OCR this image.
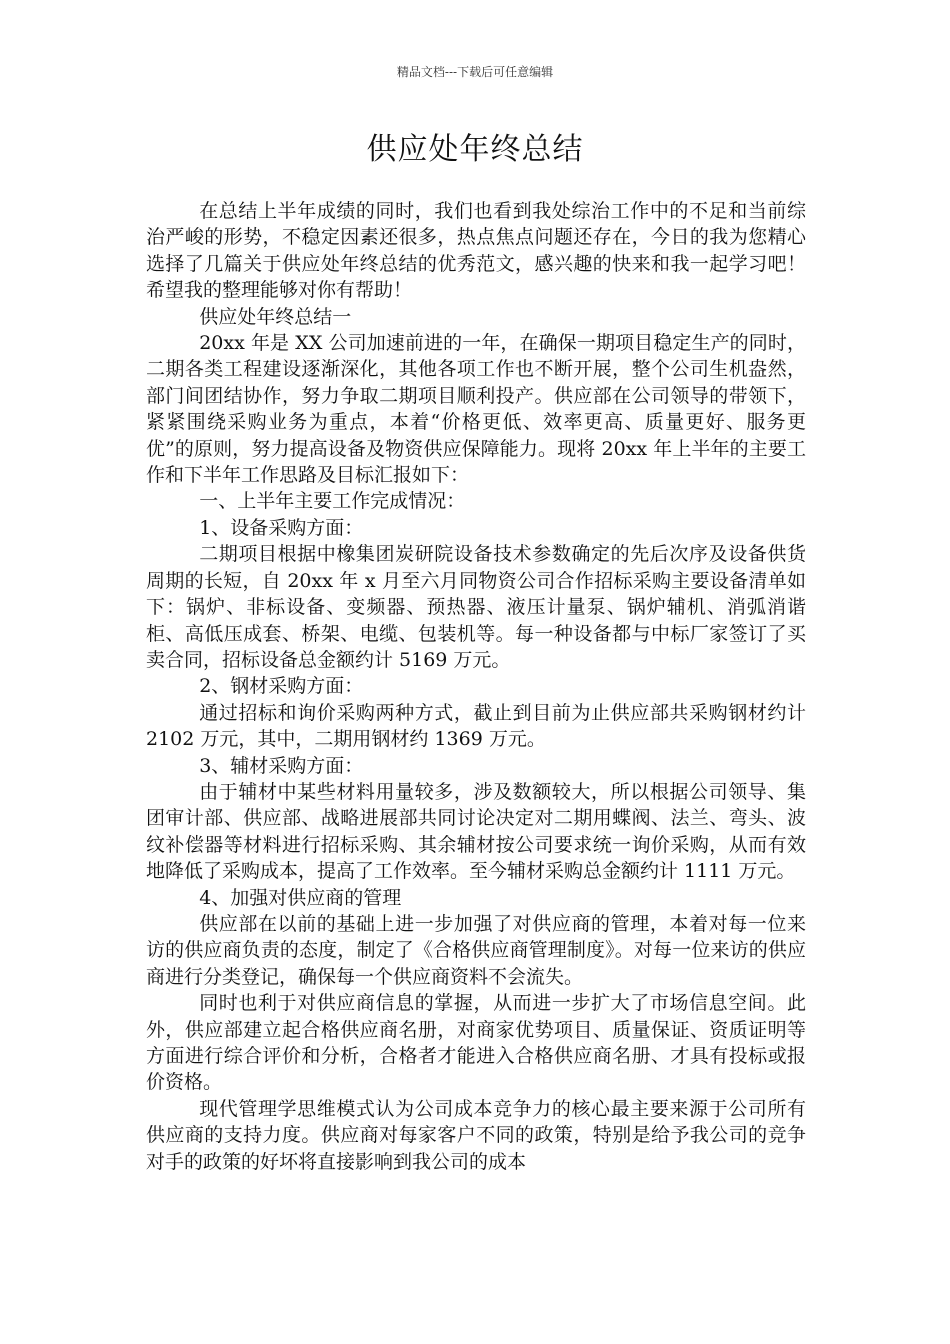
精品文档---下载后可任意编辑
供应处年终总结

在总结上半年成绩的同时，我们也看到我处综治工作中的不足和当前综治严峻的形势，不稳定因素还很多，热点焦点问题还存在，今日的我为您精心选择了几篇关于供应处年终总结的优秀范文，感兴趣的快来和我一起学习吧！希望我的整理能够对你有帮助！

供应处年终总结一

20xx 年是 XX 公司加速前进的一年，在确保一期项目稳定生产的同时，二期各类工程建设逐渐深化，其他各项工作也不断开展，整个公司生机盎然，部门间团结协作，努力争取二期项目顺利投产。供应部在公司领导的带领下，紧紧围绕采购业务为重点，本着“价格更低、效率更高、质量更好、服务更优”的原则，努力提高设备及物资供应保障能力。现将 20xx 年上半年的主要工作和下半年工作思路及目标汇报如下：

一、上半年主要工作完成情况：

1、设备采购方面：

二期项目根据中橡集团炭研院设备技术参数确定的先后次序及设备供货周期的长短，自 20xx 年 x 月至六月同物资公司合作招标采购主要设备清单如下：锅炉、非标设备、变频器、预热器、液压计量泵、锅炉辅机、消弧消谐柜、高低压成套、桥架、电缆、包装机等。每一种设备都与中标厂家签订了买卖合同，招标设备总金额约计 5169 万元。

2、钢材采购方面：

通过招标和询价采购两种方式，截止到目前为止供应部共采购钢材约计 2102 万元，其中，二期用钢材约 1369 万元。

3、辅材采购方面：

由于辅材中某些材料用量较多，涉及数额较大，所以根据公司领导、集团审计部、供应部、战略进展部共同讨论决定对二期用蝶阀、法兰、弯头、波纹补偿器等材料进行招标采购、其余辅材按公司要求统一询价采购，从而有效地降低了采购成本，提高了工作效率。至今辅材采购总金额约计 1111 万元。

4、加强对供应商的管理

供应部在以前的基础上进一步加强了对供应商的管理，本着对每一位来访的供应商负责的态度，制定了《合格供应商管理制度》。对每一位来访的供应商进行分类登记，确保每一个供应商资料不会流失。

同时也利于对供应商信息的掌握，从而进一步扩大了市场信息空间。此外，供应部建立起合格供应商名册，对商家优势项目、质量保证、资质证明等方面进行综合评价和分析，合格者才能进入合格供应商名册、才具有投标或报价资格。

现代管理学思维模式认为公司成本竞争力的核心最主要来源于公司所有供应商的支持力度。供应商对每家客户不同的政策，特别是给予我公司的竞争对手的政策的好坏将直接影响到我公司的成本
